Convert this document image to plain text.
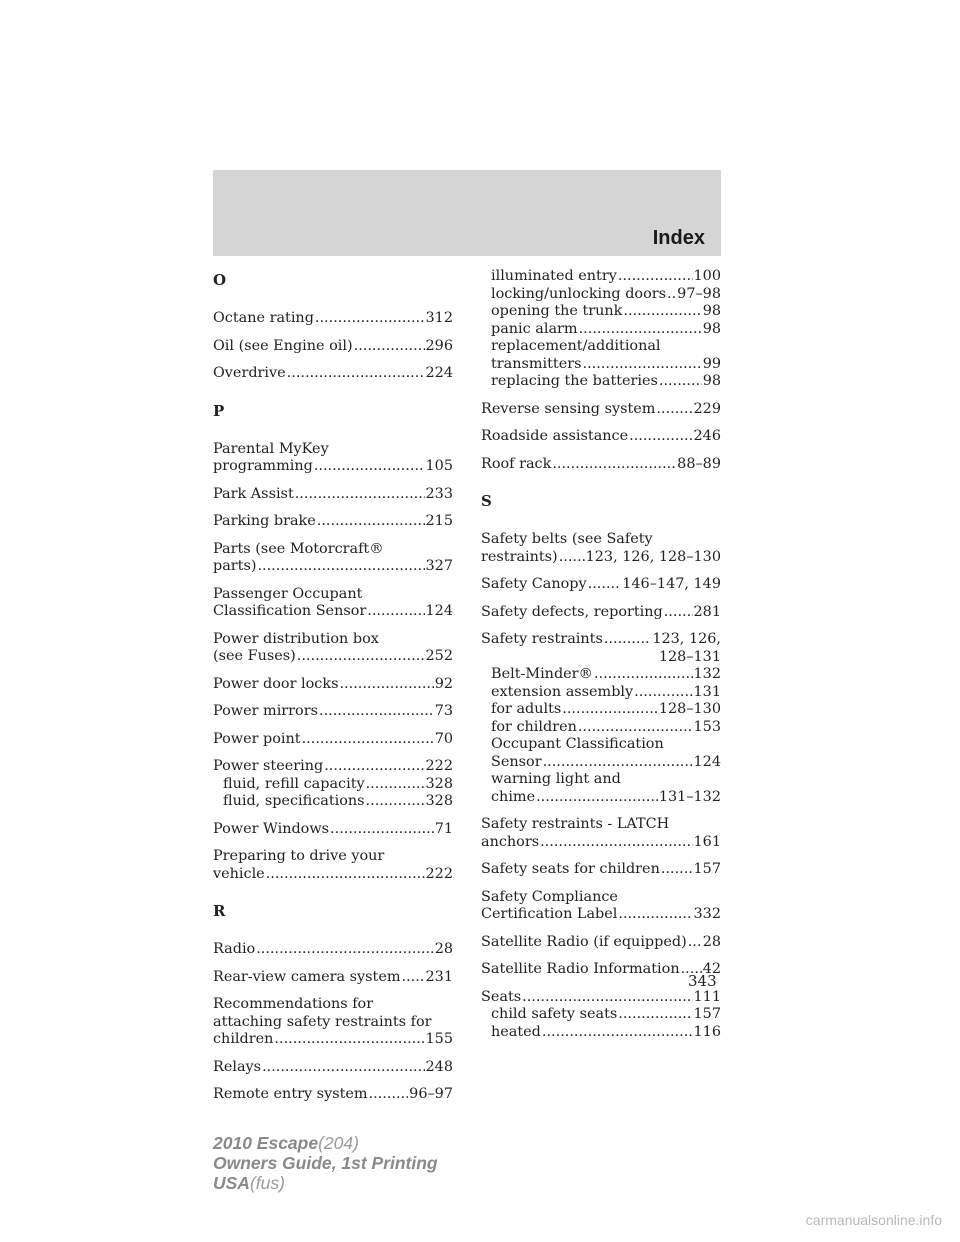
Index
O
Octane rating .....	312
Oil (see Engine oil) .....	296
Overdrive .....	224
P
Parental MyKey
programming .....	105
Park Assist .....	233
Parking brake .....	215
Parts (see Motorcraft®
parts) .....	327
Passenger Occupant
Classification Sensor .....	124
Power distribution box
(see Fuses) .....	252
Power door locks .....	92
Power mirrors .....	73
Power point .....	70
Power steering .....	222
fluid, refill capacity .....	328
fluid, specifications .....	328
Power Windows .....	71
Preparing to drive your
vehicle .....	222
R
Radio .....	28
Rear-view camera system ..... 231
Recommendations for
attaching safety restraints for
children .....	155
Relays .....	248
Remote entry system .....	96–97
illuminated entry .....	100
locking/unlocking doors ..... 97–98
opening the trunk .....	98
panic alarm .....	98
replacement/additional
transmitters .....	99
replacing the batteries .....	98
Reverse sensing system .....	229
Roadside assistance .....	246
Roof rack .....	88–89
S
Safety belts (see Safety
restraints) ..... 123, 126, 128–130
Safety Canopy ..... 146–147, 149
Safety defects, reporting ..... 281
Safety restraints .....	123, 126,
128–131
Belt-Minder® .....	132
extension assembly .....	131
for adults .....	128–130
for children .....	153
Occupant Classification
Sensor .....	124
warning light and
chime .....	131–132
Safety restraints - LATCH
anchors .....	161
Safety seats for children ..... 157
Safety Compliance
Certification Label .....	332
Satellite Radio (if equipped) ..... 28
Satellite Radio Information ..... 42
Seats .....	111
child safety seats .....	157
heated .....	116
343
2010 Escape(204)
Owners Guide, 1st Printing
USA(fus)
carmanualsonline.info
